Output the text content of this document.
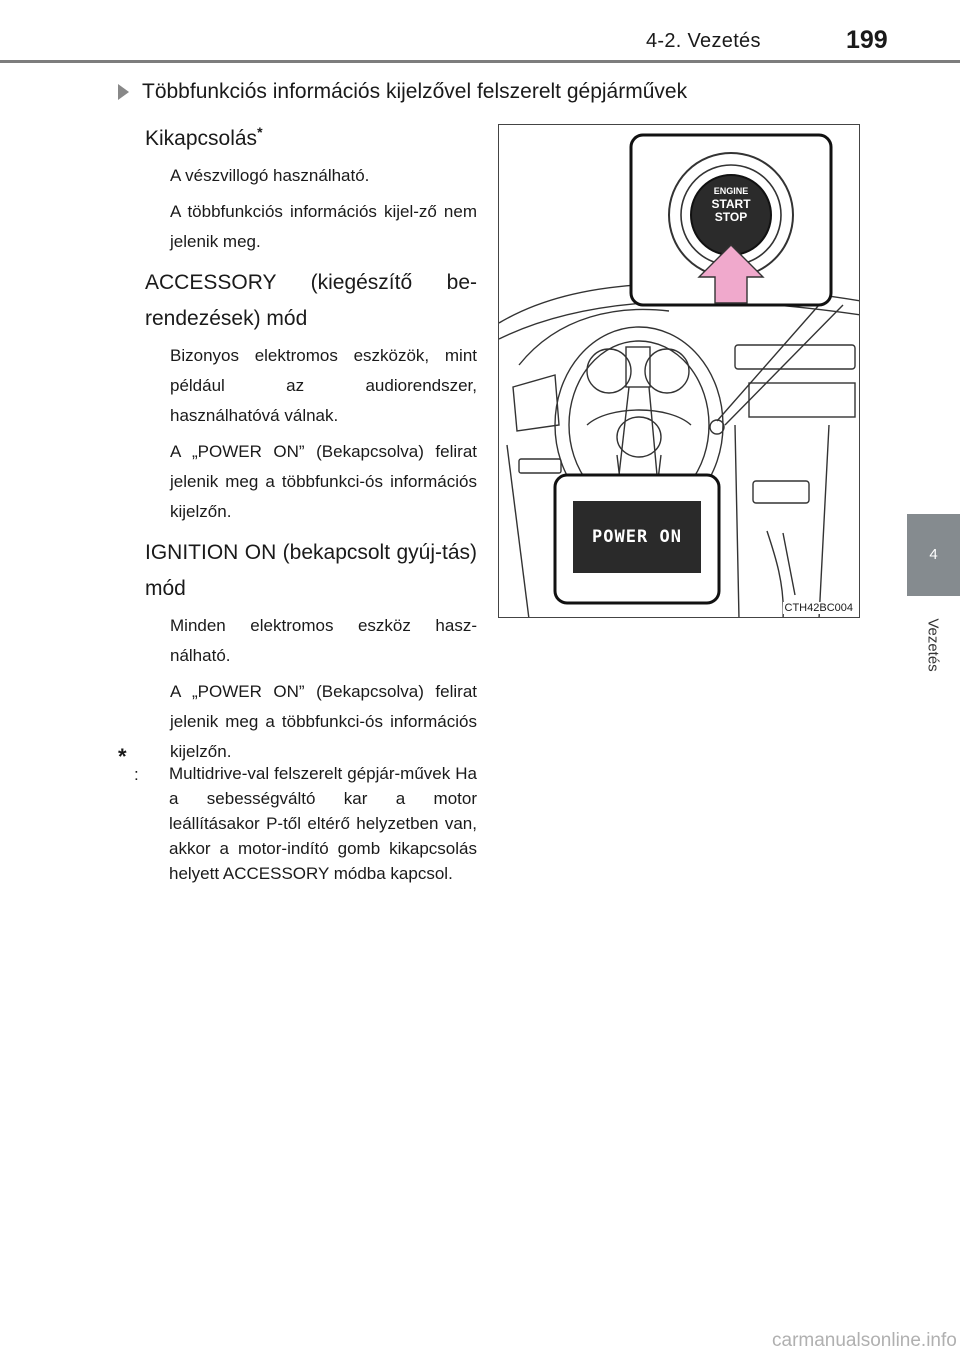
4-2. Vezetés	199
4
Vezetés
Többfunkciós információs kijelzővel felszerelt gépjárművek
Kikapcsolás*
A vészvillogó használható.
A többfunkciós információs kijel-ző nem jelenik meg.
ACCESSORY (kiegészítő be-rendezések) mód
Bizonyos elektromos eszközök, mint például az audiorendszer, használhatóvá válnak.
A „POWER ON” (Bekapcsolva) felirat jelenik meg a többfunkci-ós információs kijelzőn.
IGNITION ON (bekapcsolt gyúj-tás) mód
Minden elektromos eszköz hasz-nálható.
A „POWER ON” (Bekapcsolva) felirat jelenik meg a többfunkci-ós információs kijelzőn.
*
: Multidrive-val felszerelt gépjár-művek Ha a sebességváltó kar a motor leállításakor P-től eltérő helyzetben van, akkor a motor-indító gomb kikapcsolás helyett ACCESSORY módba kapcsol.
ENGINE
START
STOP
POWER ON
CTH42BC004
carmanualsonline.info
